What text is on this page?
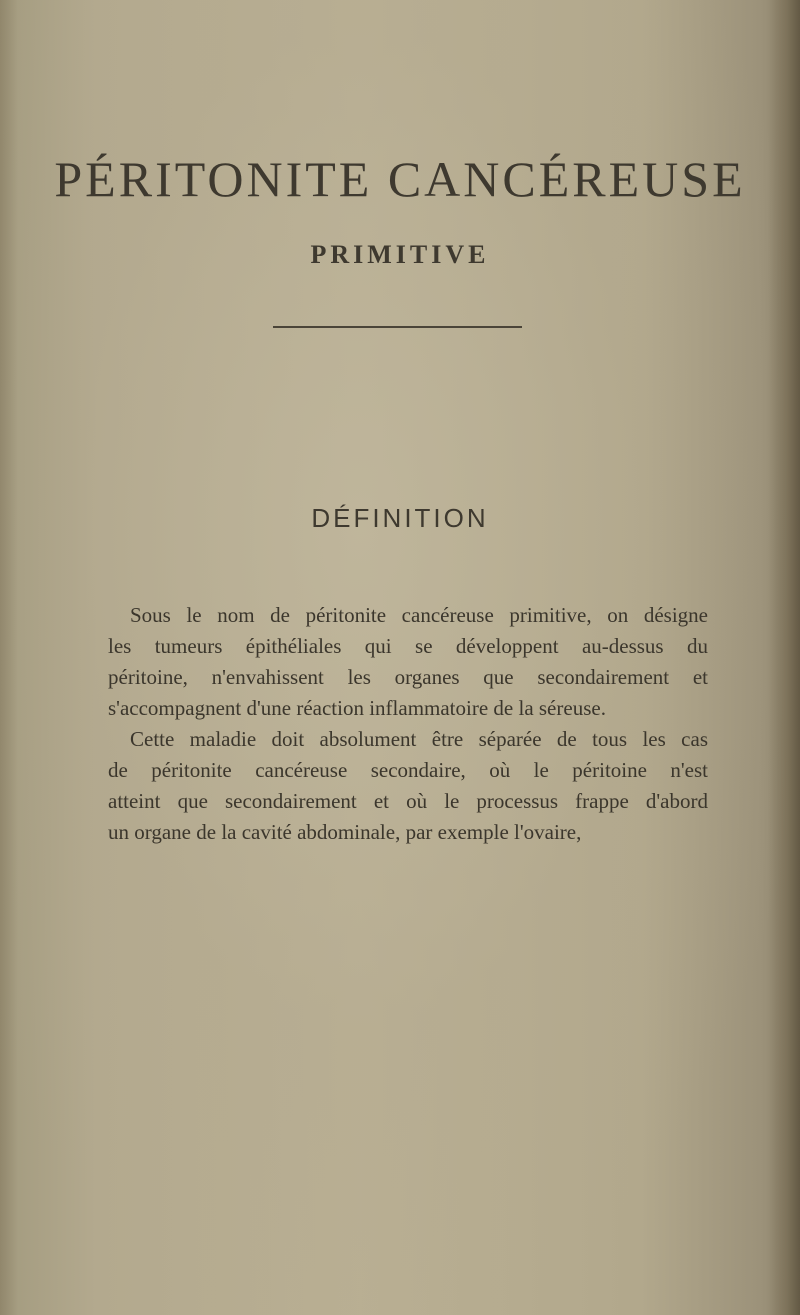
PÉRITONITE CANCÉREUSE
PRIMITIVE
DÉFINITION
Sous le nom de péritonite cancéreuse primitive, on désigne
les tumeurs épithéliales qui se développent au-dessus du
péritoine, n'envahissent les organes que secondairement et
s'accompagnent d'une réaction inflammatoire de la séreuse.
Cette maladie doit absolument être séparée de tous les cas
de péritonite cancéreuse secondaire, où le péritoine n'est
atteint que secondairement et où le processus frappe d'abord
un organe de la cavité abdominale, par exemple l'ovaire,
